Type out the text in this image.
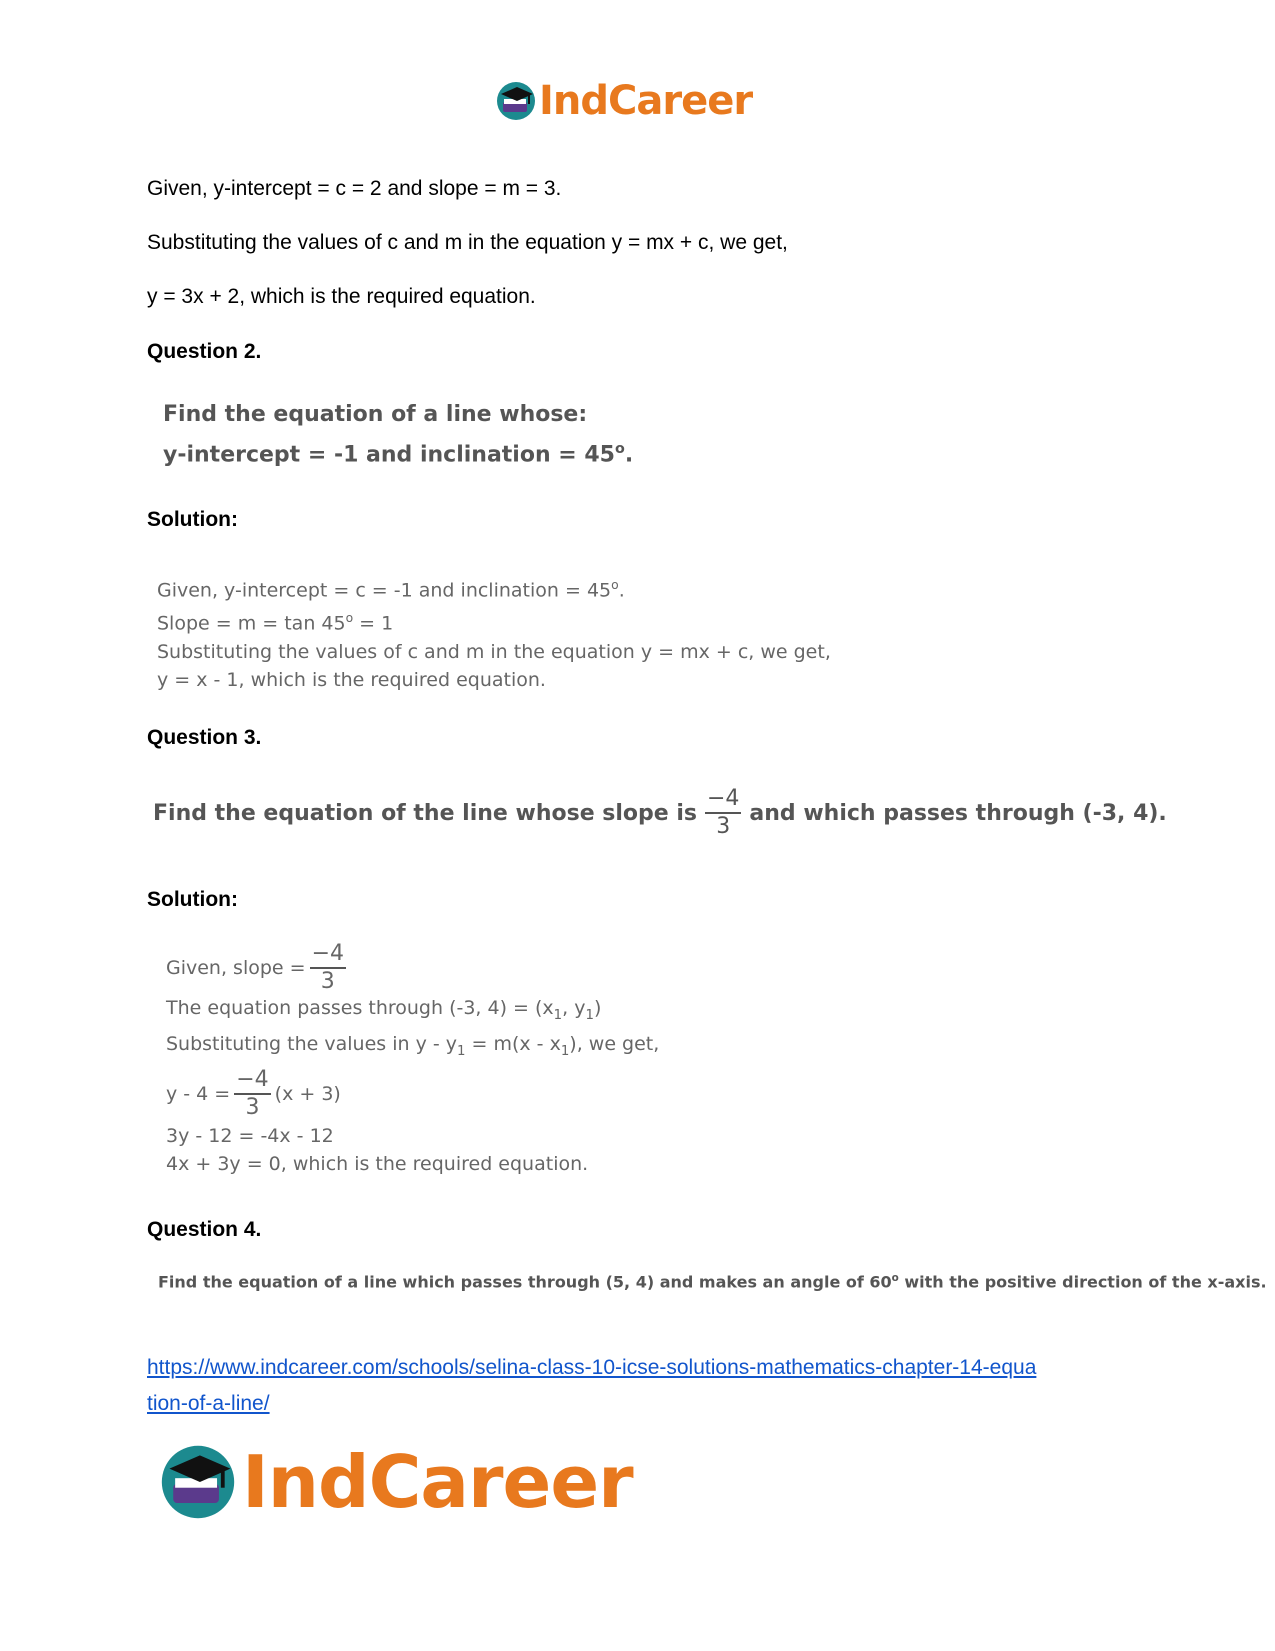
IndCareer
Given, y-intercept = c = 2 and slope = m = 3.
Substituting the values of c and m in the equation y = mx + c, we get,
y = 3x + 2, which is the required equation.
Question 2.
Find the equation of a line whose:
y-intercept = -1 and inclination = $45^o$.
Solution:
Given, y-intercept = c = -1 and inclination = $45^o$.
Slope = $m = \tan 45^o = 1$
Substituting the values of c and m in the equation y = mx + c, we get,
y = x - 1, which is the required equation.
Question 3.
Find the equation of the line whose slope is $\frac{-4}{3}$ and which passes through (-3, 4).
Solution:
Given, slope = $\frac{-4}{3}$
The equation passes through (-3, $4) = (x_1$, $y_1$)
Substituting the values in $y - y_1 = m(x - x_1)$, we get,
$y - 4 = \frac{-4}{3} (x + 3)$
3y - 12 = -4x - 12
4x + 3y = 0, which is the required equation.
Question 4.
Find the equation of a line which passes through (5, 4) and makes an angle of 60$^o$ with the positive direction of the x-axis.
https://www.indcareer.com/schools/selina-class-10-icse-solutions-mathematics-chapter-14-equa
tion-of-a-line/
IndCareer
